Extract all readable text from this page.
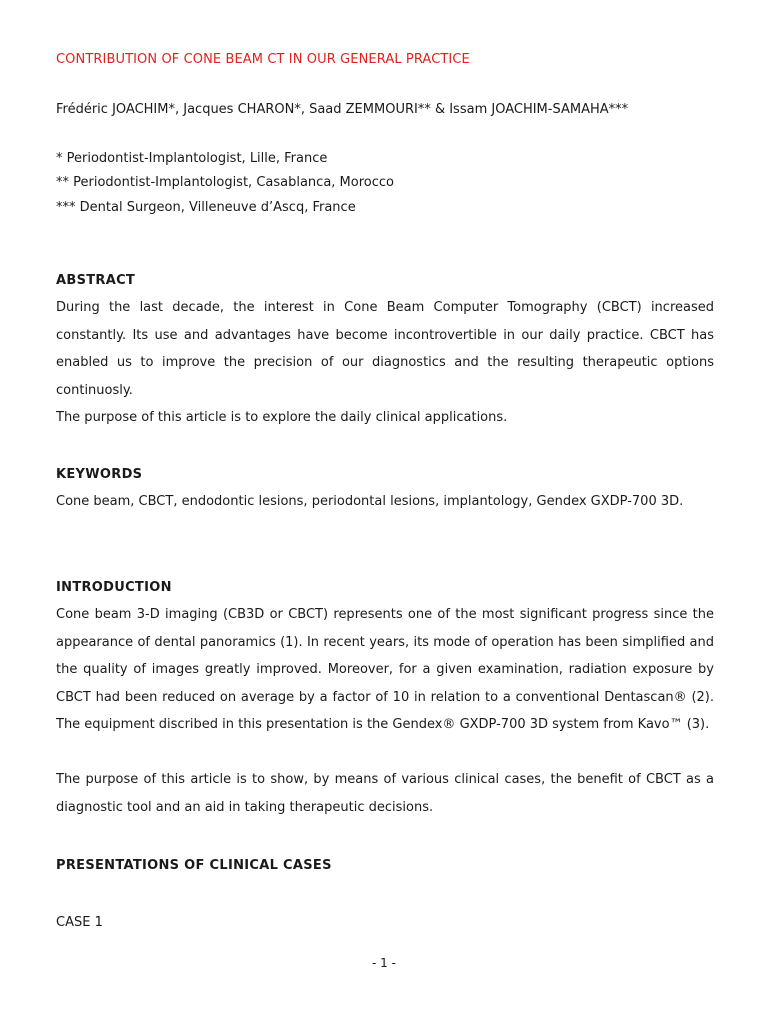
CONTRIBUTION OF CONE BEAM CT IN OUR GENERAL PRACTICE
Frédéric JOACHIM*, Jacques CHARON*, Saad ZEMMOURI** & Issam JOACHIM-SAMAHA***
* Periodontist-Implantologist, Lille, France
** Periodontist-Implantologist, Casablanca, Morocco
*** Dental Surgeon, Villeneuve d’Ascq, France
ABSTRACT
During the last decade, the interest in Cone Beam Computer Tomography (CBCT) increased constantly. Its use and advantages have become incontrovertible in our daily practice. CBCT has enabled us to improve the precision of our diagnostics and the resulting therapeutic options continuosly.
The purpose of this article is to explore the daily clinical applications.
KEYWORDS
Cone beam, CBCT, endodontic lesions, periodontal lesions, implantology, Gendex GXDP-700 3D.
INTRODUCTION
Cone beam 3-D imaging (CB3D or CBCT) represents one of the most significant progress since the appearance of dental panoramics (1). In recent years, its mode of operation has been simplified and the quality of images greatly improved. Moreover, for a given examination, radiation exposure by CBCT had been reduced on average by a factor of 10 in relation to a conventional Dentascan® (2). The equipment discribed in this presentation is the Gendex® GXDP-700 3D system from Kavo™ (3).
The purpose of this article is to show, by means of various clinical cases, the benefit of CBCT as a diagnostic tool and an aid in taking therapeutic decisions.
PRESENTATIONS OF CLINICAL CASES
CASE 1
- 1 -
